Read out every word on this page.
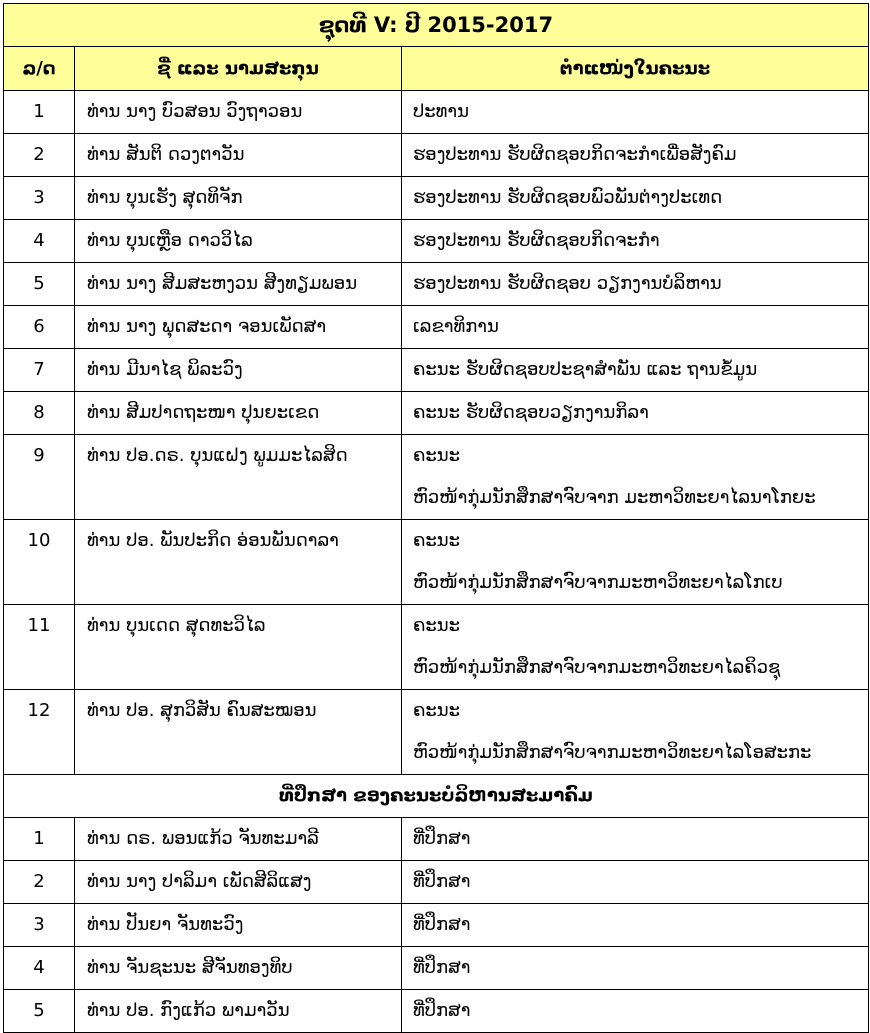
ຊຸດທີ V: ປີ 2015-2017		
ລ/ດ	ຊື່ ແລະ ນາມສະກຸນ	ຕຳແໜ່ງໃນຄະນະ
1	ທ່ານ ນາງ ບົວສອນ ວົງຖາວອນ	ປະທານ
2	ທ່ານ ສັນຕິ ດວງຕາວັນ	ຮອງປະທານ ຮັບຜິດຊອບກິດຈະກຳເພື່ອສັງຄົມ
3	ທ່ານ ບຸນເຮັງ ສຸດທິຈັກ	ຮອງປະທານ ຮັບຜິດຊອບພົວພັນຕ່າງປະເທດ
4	ທ່ານ ບຸນເຫຼືອ ດາວວິໄລ	ຮອງປະທານ ຮັບຜິດຊອບກິດຈະກຳ
5	ທ່ານ ນາງ ສີມສະຫງວນ ສີງທຽມພອນ	ຮອງປະທານ ຮັບຜິດຊອບ ວຽກງານບໍລິຫານ
6	ທ່ານ ນາງ ພຸດສະດາ ຈອນເພັດສາ	ເລຂາທິການ
7	ທ່ານ ມີນາໄຊ ພິລະວົງ	ຄະນະ ຮັບຜິດຊອບປະຊາສຳພັນ ແລະ ຖານຂໍ້ມູນ
8	ທ່ານ ສີມປາດຖະໜາ ປຸນຍະເຂດ	ຄະນະ ຮັບຜິດຊອບວຽກງານກິລາ
9	ທ່ານ ປອ.ດຣ. ບຸນແຝງ ພູມມະໄລສິດ	ຄະນະ
ຫົວໜ້າກຸ່ມນັກສຶກສາຈົບຈາກ ມະຫາວິທະຍາໄລນາໂກຍະ

10	ທ່ານ ປອ. ພັນປະກິດ ອ່ອນພັນດາລາ	ຄະນະ
ຫົວໜ້າກຸ່ມນັກສຶກສາຈົບຈາກມະຫາວິທະຍາໄລໂກເບ

11	ທ່ານ ບຸນເດດ ສຸດທະວິໄລ	ຄະນະ
ຫົວໜ້າກຸ່ມນັກສຶກສາຈົບຈາກມະຫາວິທະຍາໄລຄິວຊຸ

12	ທ່ານ ປອ. ສຸກວິສັນ ຄົນສະໝອນ	ຄະນະ
ຫົວໜ້າກຸ່ມນັກສຶກສາຈົບຈາກມະຫາວິທະຍາໄລໂອສະກະ

ທີ່ປຶກສາ ຂອງຄະນະບໍລິຫານສະມາຄົມ		
1	ທ່ານ ດຣ. ພອນແກ້ວ ຈັນທະມາລີ	ທີ່ປຶກສາ
2	ທ່ານ ນາງ ປາລິມາ ເພັດສີລິແສງ	ທີ່ປຶກສາ
3	ທ່ານ ປັນຍາ ຈັນທະວົງ	ທີ່ປຶກສາ
4	ທ່ານ ຈັນຊະນະ ສີຈັນທອງທິບ	ທີ່ປຶກສາ
5	ທ່ານ ປອ. ກົງແກ້ວ ພາມາວັນ	ທີ່ປຶກສາ
